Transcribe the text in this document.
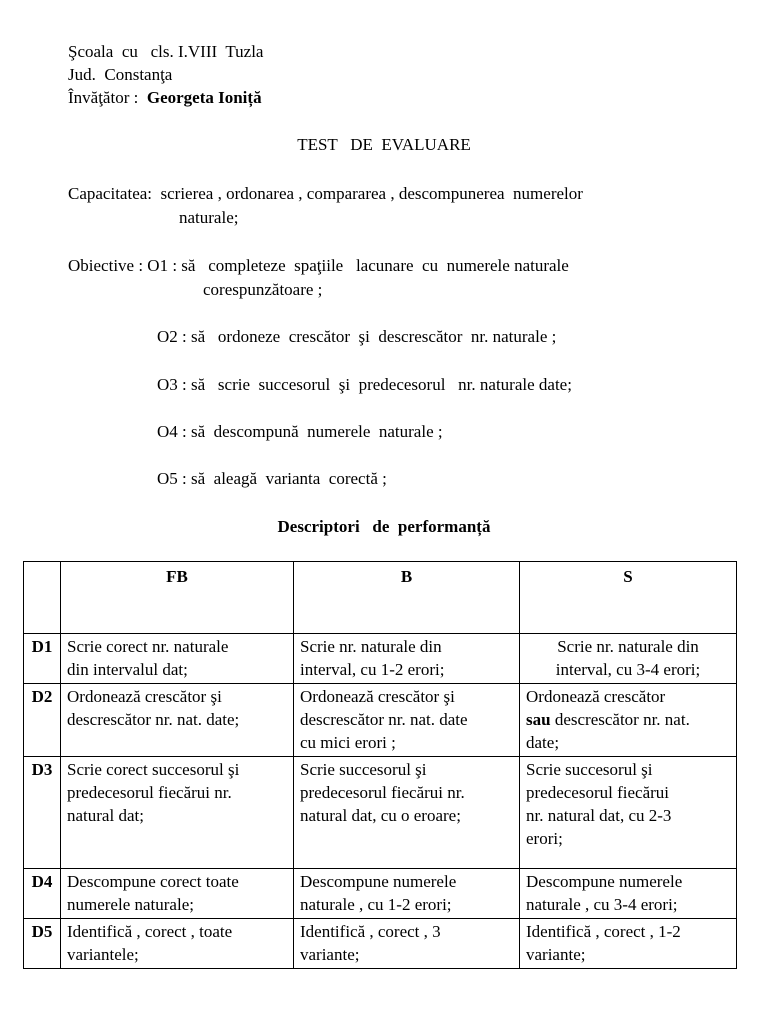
Şcoala  cu   cls. I.VIII  Tuzla
Jud.  Constanţa
Învăţător :  Georgeta Ioniță
TEST   DE  EVALUARE
Capacitatea:  scrierea , ordonarea , compararea , descompunerea  numerelor
naturale;
Obiective : O1 : să   completeze  spaţiile   lacunare  cu  numerele naturale
corespunzătoare ;
O2 : să   ordoneze  crescător  şi  descrescător  nr. naturale ;
O3 : să   scrie  succesorul  şi  predecesorul   nr. naturale date;
O4 : să  descompună  numerele  naturale ;
O5 : să  aleagă  varianta  corectă ;
Descriptori   de  performanță
	FB	B	S
D1	Scrie corect nr. naturale
din intervalul dat;	Scrie nr. naturale din
interval, cu 1-2 erori;	Scrie nr. naturale din
interval, cu 3-4 erori;

D2	Ordonează crescător şi
descrescător nr. nat. date;	Ordonează crescător şi
descrescător nr. nat. date
cu mici erori ;	Ordonează crescător
sau descrescător nr. nat.
date;

D3	Scrie corect succesorul şi
predecesorul fiecărui nr.
natural dat;	Scrie succesorul şi
predecesorul fiecărui nr.
natural dat, cu o eroare;	Scrie succesorul şi
predecesorul fiecărui
nr. natural dat, cu 2-3
erori;

D4	Descompune corect toate
numerele naturale;	Descompune numerele
naturale , cu 1-2 erori;	Descompune numerele
naturale , cu 3-4 erori;

D5	Identifică , corect , toate
variantele;	Identifică , corect , 3
variante;	Identifică , corect , 1-2
variante;
